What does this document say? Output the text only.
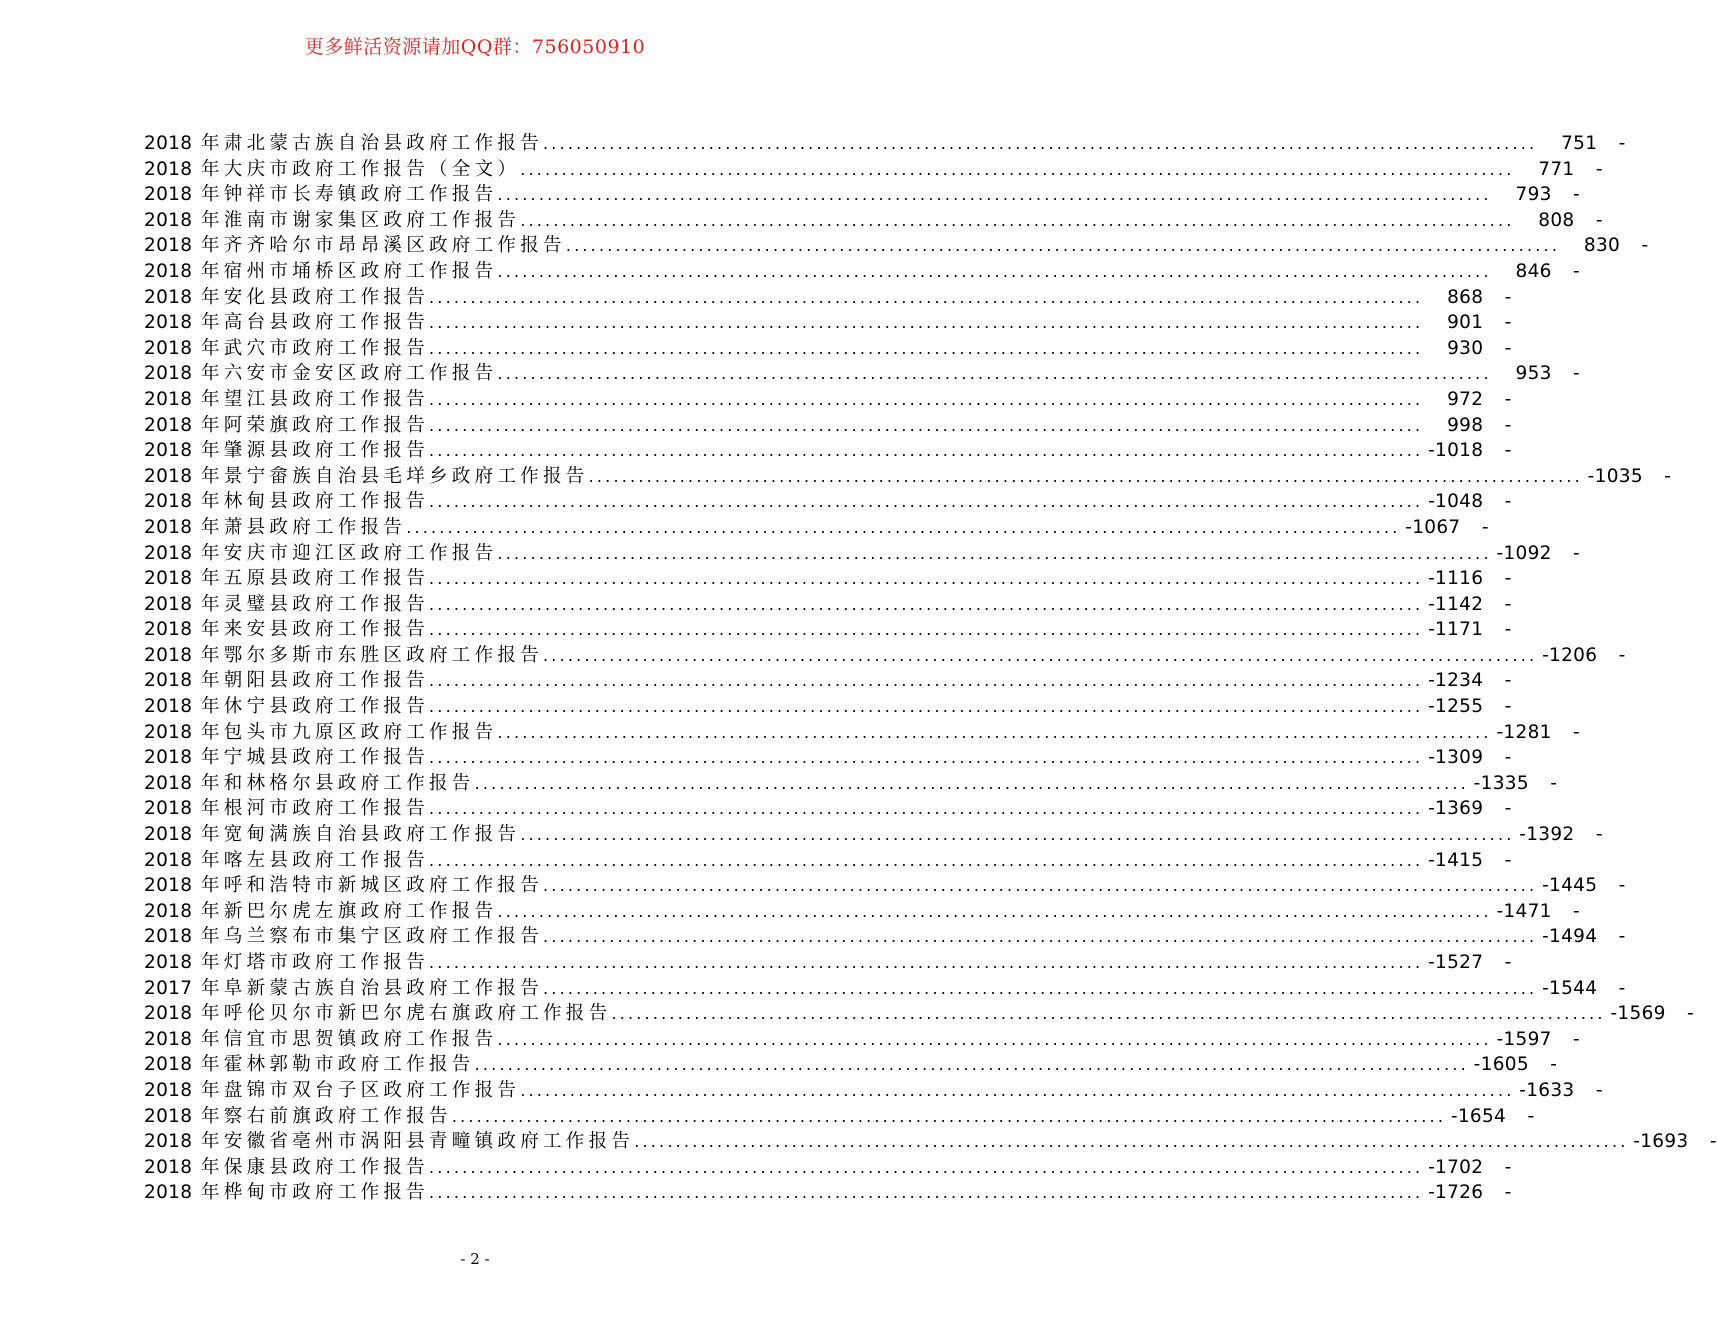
更多鲜活资源请加QQ群：756050910
2018 年肃北蒙古族自治县政府工作报告 ........................................................................................................................	751	-
2018 年大庆市政府工作报告（全文） ........................................................................................................................	771	-
2018 年钟祥市长寿镇政府工作报告 ........................................................................................................................	793	-
2018 年淮南市谢家集区政府工作报告 ........................................................................................................................	808	-
2018 年齐齐哈尔市昂昂溪区政府工作报告 ........................................................................................................................	830	-
2018 年宿州市埇桥区政府工作报告 ........................................................................................................................	846	-
2018 年安化县政府工作报告 ........................................................................................................................	868	-
2018 年高台县政府工作报告 ........................................................................................................................	901	-
2018 年武穴市政府工作报告 ........................................................................................................................	930	-
2018 年六安市金安区政府工作报告 ........................................................................................................................	953	-
2018 年望江县政府工作报告 ........................................................................................................................	972	-
2018 年阿荣旗政府工作报告 ........................................................................................................................	998	-
2018 年肇源县政府工作报告 ........................................................................................................................ -1018	-
2018 年景宁畲族自治县毛垟乡政府工作报告 ........................................................................................................................ -1035	-
2018 年林甸县政府工作报告 ........................................................................................................................ -1048	-
2018 年萧县政府工作报告 ........................................................................................................................ -1067	-
2018 年安庆市迎江区政府工作报告 ........................................................................................................................ -1092	-
2018 年五原县政府工作报告 ........................................................................................................................ -1116	-
2018 年灵璧县政府工作报告 ........................................................................................................................ -1142	-
2018 年来安县政府工作报告 ........................................................................................................................ -1171	-
2018 年鄂尔多斯市东胜区政府工作报告 ........................................................................................................................ -1206	-
2018 年朝阳县政府工作报告 ........................................................................................................................ -1234	-
2018 年休宁县政府工作报告 ........................................................................................................................ -1255	-
2018 年包头市九原区政府工作报告 ........................................................................................................................ -1281	-
2018 年宁城县政府工作报告 ........................................................................................................................ -1309	-
2018 年和林格尔县政府工作报告 ........................................................................................................................ -1335	-
2018 年根河市政府工作报告 ........................................................................................................................ -1369	-
2018 年宽甸满族自治县政府工作报告 ........................................................................................................................ -1392	-
2018 年喀左县政府工作报告 ........................................................................................................................ -1415	-
2018 年呼和浩特市新城区政府工作报告 ........................................................................................................................ -1445	-
2018 年新巴尔虎左旗政府工作报告 ........................................................................................................................ -1471	-
2018 年乌兰察布市集宁区政府工作报告 ........................................................................................................................ -1494	-
2018 年灯塔市政府工作报告 ........................................................................................................................ -1527	-
2017 年阜新蒙古族自治县政府工作报告 ........................................................................................................................ -1544	-
2018 年呼伦贝尔市新巴尔虎右旗政府工作报告 ........................................................................................................................ -1569	-
2018 年信宜市思贺镇政府工作报告 ........................................................................................................................ -1597	-
2018 年霍林郭勒市政府工作报告 ........................................................................................................................ -1605	-
2018 年盘锦市双台子区政府工作报告 ........................................................................................................................ -1633	-
2018 年察右前旗政府工作报告 ........................................................................................................................ -1654	-
2018 年安徽省亳州市涡阳县青疃镇政府工作报告 ........................................................................................................................ -1693	-
2018 年保康县政府工作报告 ........................................................................................................................ -1702	-
2018 年桦甸市政府工作报告 ........................................................................................................................ -1726	-
- 2 -
